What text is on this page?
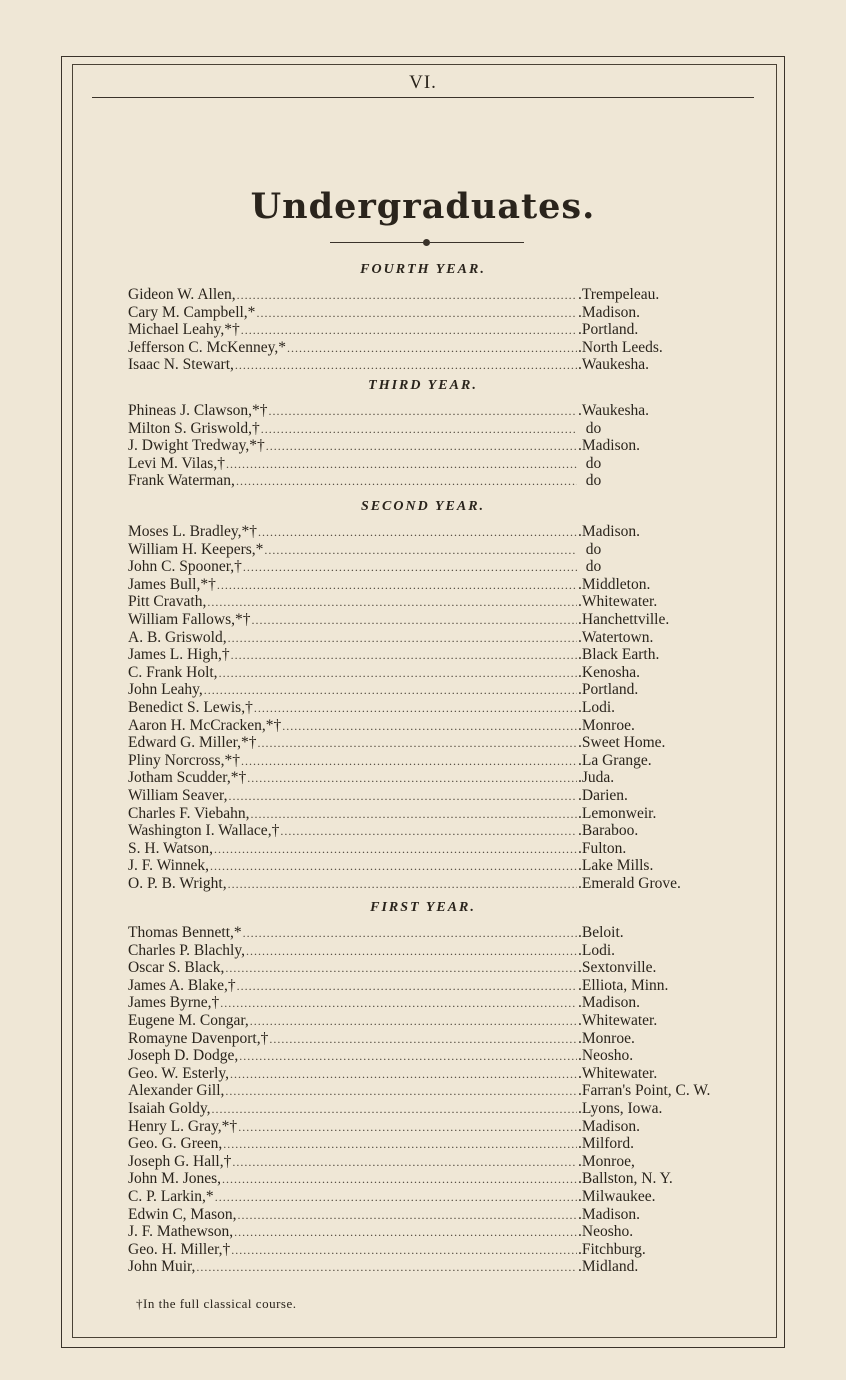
VI.
Undergraduates.
FOURTH YEAR.
Gideon W. Allen, .....	.Trempeleau.
Cary M. Campbell,* .....	.Madison.
Michael Leahy,*† .....	.Portland.
Jefferson C. McKenney,* .....	.North Leeds.
Isaac N. Stewart, .....	.Waukesha.
THIRD YEAR.
Phineas J. Clawson,*† .....	.Waukesha.
Milton S. Griswold,† .....	do
J. Dwight Tredway,*† .....	.Madison.
Levi M. Vilas,† .....	do
Frank Waterman, .....	do
SECOND YEAR.
Moses L. Bradley,*† .....	.Madison.
William H. Keepers,* .....	do
John C. Spooner,† .....	do
James Bull,*† .....	.Middleton.
Pitt Cravath, .....	.Whitewater.
William Fallows,*† .....	.Hanchettville.
A. B. Griswold, .....	.Watertown.
James L. High,† .....	.Black Earth.
C. Frank Holt, .....	.Kenosha.
John Leahy, .....	.Portland.
Benedict S. Lewis,† .....	.Lodi.
Aaron H. McCracken,*† .....	.Monroe.
Edward G. Miller,*† .....	.Sweet Home.
Pliny Norcross,*† .....	.La Grange.
Jotham Scudder,*† .....	.Juda.
William Seaver, .....	.Darien.
Charles F. Viebahn, .....	.Lemonweir.
Washington I. Wallace,† .....	.Baraboo.
S. H. Watson, .....	.Fulton.
J. F. Winnek, .....	.Lake Mills.
O. P. B. Wright, .....	.Emerald Grove.
FIRST YEAR.
Thomas Bennett,* .....	.Beloit.
Charles P. Blachly, .....	.Lodi.
Oscar S. Black, .....	.Sextonville.
James A. Blake,† .....	.Elliota, Minn.
James Byrne,† .....	.Madison.
Eugene M. Congar, .....	.Whitewater.
Romayne Davenport,† .....	.Monroe.
Joseph D. Dodge, .....	.Neosho.
Geo. W. Esterly, .....	.Whitewater.
Alexander Gill, .....	.Farran's Point, C. W.
Isaiah Goldy, .....	.Lyons, Iowa.
Henry L. Gray,*† .....	.Madison.
Geo. G. Green, .....	.Milford.
Joseph G. Hall,† .....	.Monroe,
John M. Jones, .....	.Ballston, N. Y.
C. P. Larkin,* .....	.Milwaukee.
Edwin C, Mason, .....	.Madison.
J. F. Mathewson, .....	.Neosho.
Geo. H. Miller,† .....	.Fitchburg.
John Muir, .....	.Midland.
†In the full classical course.
